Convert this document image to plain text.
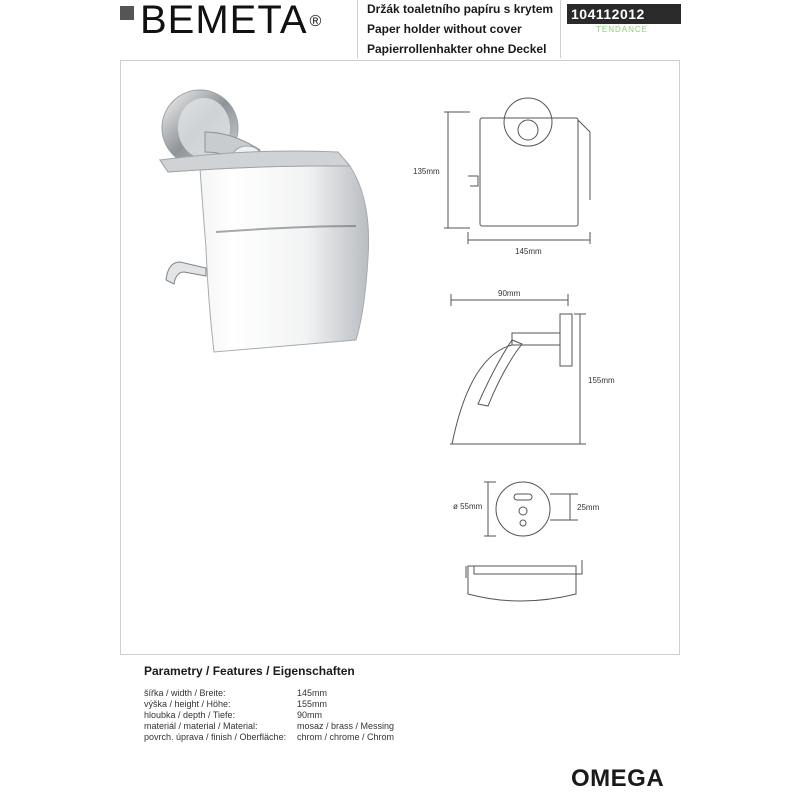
BEMETA ®
Držák toaletního papíru s krytem
Paper holder without cover
Papierrollenhakter ohne Deckel
104112012
TENDANCE
135mm
145mm
90mm
155mm
ø 55mm	25mm
Parametry / Features / Eigenschaften
šířka / width / Breite:	145mm
výška / height / Höhe:	155mm
hloubka / depth / Tiefe:	90mm
materiál / material / Material:	mosaz / brass / Messing
povrch. úprava / finish / Oberfläche: chrom / chrome / Chrom
OMEGA
